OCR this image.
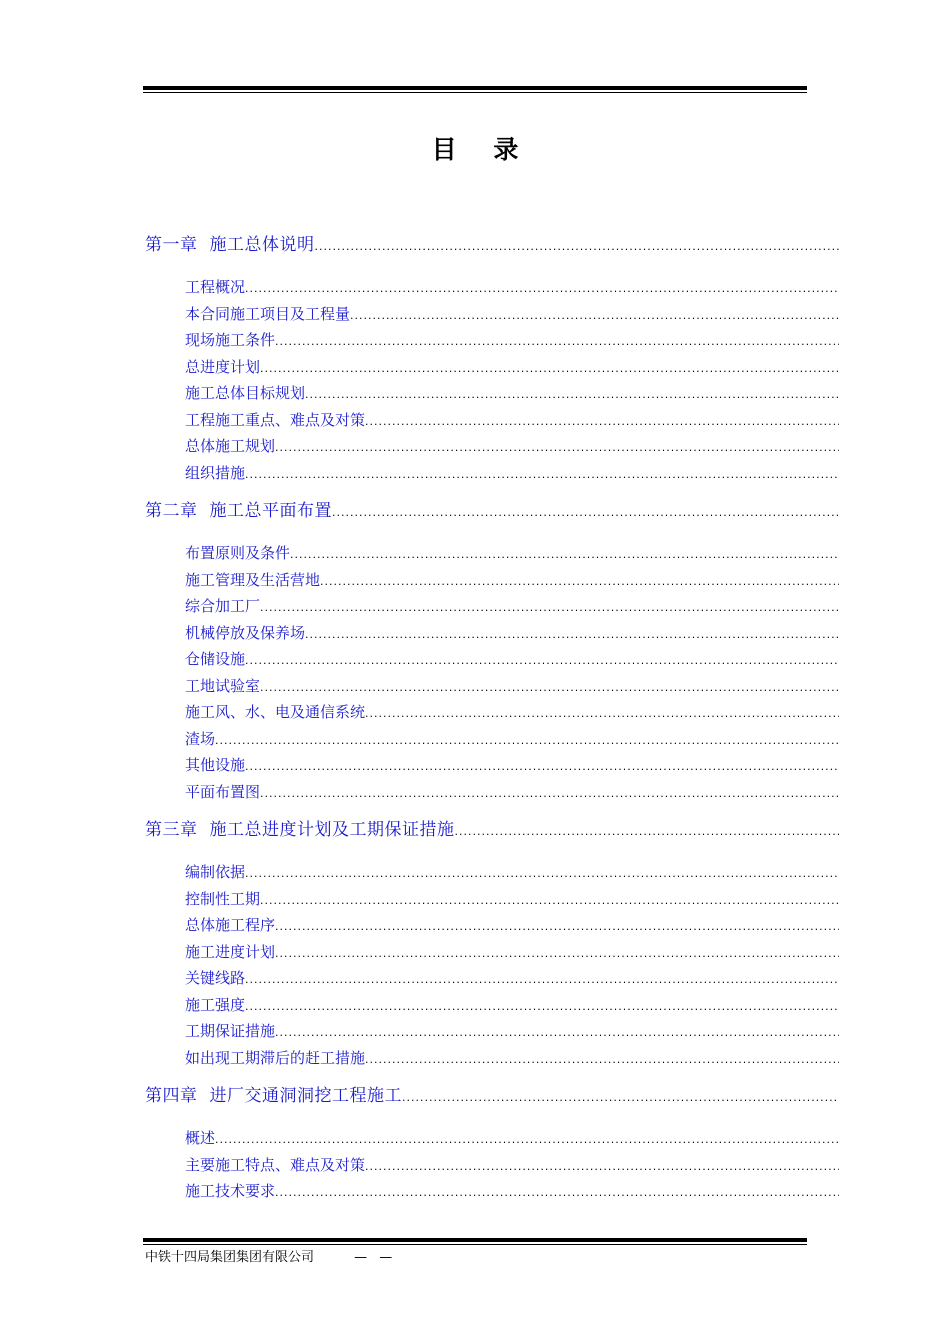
目 录
第一章 施工总体说明
.....
工程概况
.....
本合同施工项目及工程量
.....
现场施工条件
.....
总进度计划
.....
施工总体目标规划
.....
工程施工重点、难点及对策
.....
总体施工规划
.....
组织措施
.....
第二章 施工总平面布置
.....
布置原则及条件
.....
施工管理及生活营地
.....
综合加工厂
.....
机械停放及保养场
.....
仓储设施
.....
工地试验室
.....
施工风、水、电及通信系统
.....
渣场
.....
其他设施
.....
平面布置图
.....
第三章 施工总进度计划及工期保证措施
.....
编制依据
.....
控制性工期
.....
总体施工程序
.....
施工进度计划
.....
关键线路
.....
施工强度
.....
工期保证措施
.....
如出现工期滞后的赶工措施
.....
第四章 进厂交通洞洞挖工程施工
.....
概述
.....
主要施工特点、难点及对策
.....
施工技术要求
.....
中铁十四局集团集团有限公司	— —
